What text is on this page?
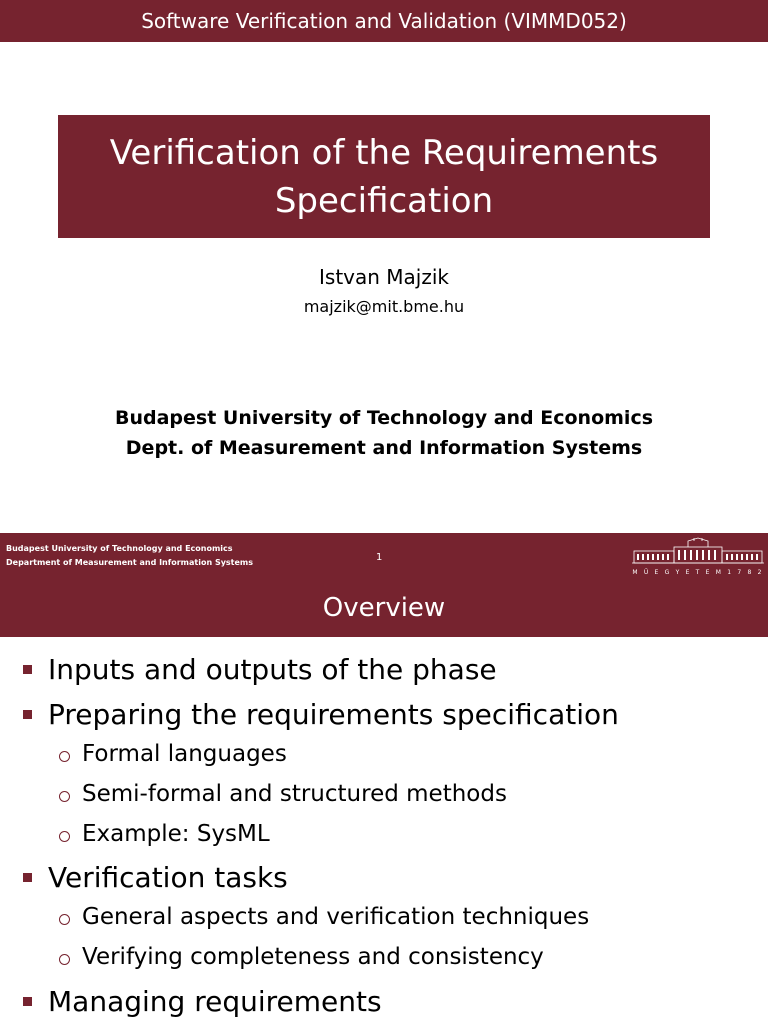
Software Verification and Validation (VIMMD052)
Verification of the Requirements
Specification
Istvan Majzik
majzik@mit.bme.hu
Budapest University of Technology and Economics
Dept. of Measurement and Information Systems
Budapest University of Technology and Economics
Department of Measurement and Information Systems	1
M Ű E G Y E T E M 1 7 8 2
Overview
Inputs and outputs of the phase
Preparing the requirements specification
Formal languages
Semi-formal and structured methods
Example: SysML
Verification tasks
General aspects and verification techniques
Verifying completeness and consistency
Managing requirements
